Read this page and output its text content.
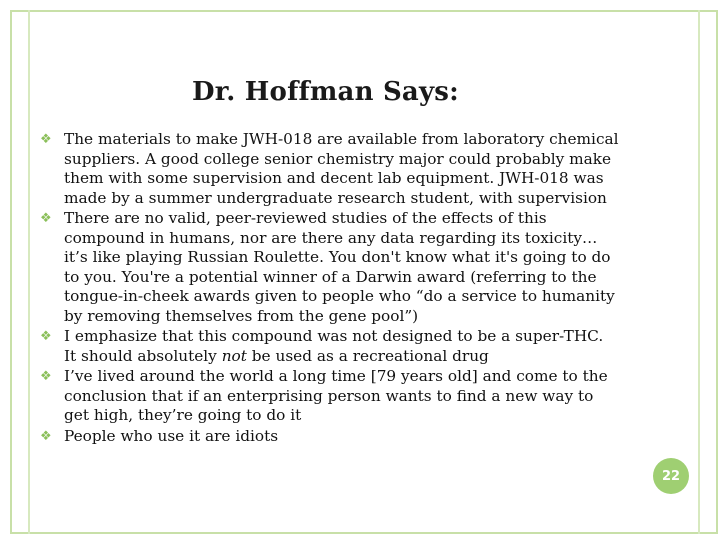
Dr. Hoffman Says:
❖ The materials to make JWH-018 are available from laboratory chemical suppliers. A good college senior chemistry major could probably make them with some supervision and decent lab equipment. JWH-018 was made by a summer undergraduate research student, with supervision
❖ There are no valid, peer-reviewed studies of the effects of this compound in humans, nor are there any data regarding its toxicity… it’s like playing Russian Roulette. You don't know what it's going to do to you. You're a potential winner of a Darwin award (referring to the tongue-in-cheek awards given to people who “do a service to humanity by removing themselves from the gene pool”)
❖ I emphasize that this compound was not designed to be a super-THC. It should absolutely not be used as a recreational drug
❖ I’ve lived around the world a long time [79 years old] and come to the conclusion that if an enterprising person wants to find a new way to get high, they’re going to do it
❖ People who use it are idiots
22
